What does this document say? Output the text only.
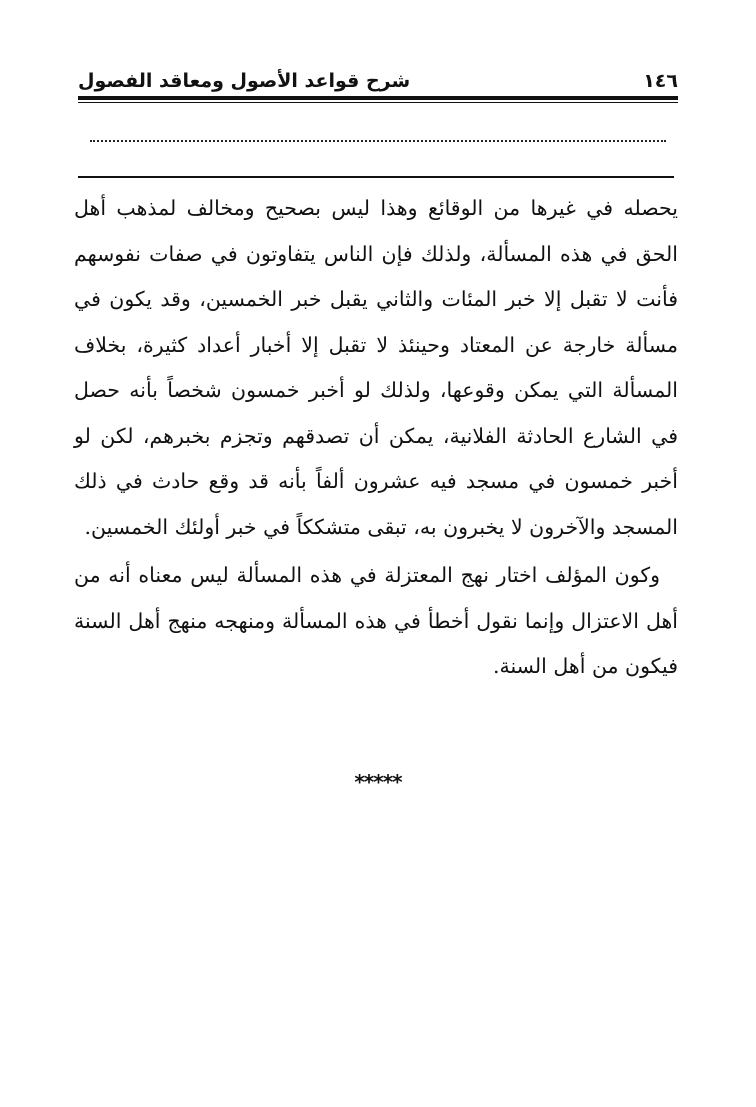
١٤٦
شرح قواعد الأصول ومعاقد الفصول

يحصله في غيرها من الوقائع وهذا ليس بصحيح ومخالف لمذهب أهل الحق في هذه المسألة، ولذلك فإن الناس يتفاوتون في صفات نفوسهم فأنت لا تقبل إلا خبر المئات والثاني يقبل خبر الخمسين، وقد يكون في مسألة خارجة عن المعتاد وحينئذ لا تقبل إلا أخبار أعداد كثيرة، بخلاف المسألة التي يمكن وقوعها، ولذلك لو أخبر خمسون شخصاً بأنه حصل في الشارع الحادثة الفلانية، يمكن أن تصدقهم وتجزم بخبرهم، لكن لو أخبر خمسون في مسجد فيه عشرون ألفاً بأنه قد وقع حادث في ذلك المسجد والآخرون لا يخبرون به، تبقى متشككاً في خبر أولئك الخمسين.

وكون المؤلف اختار نهج المعتزلة في هذه المسألة ليس معناه أنه من أهل الاعتزال وإنما نقول أخطأ في هذه المسألة ومنهجه منهج أهل السنة فيكون من أهل السنة.

*****
